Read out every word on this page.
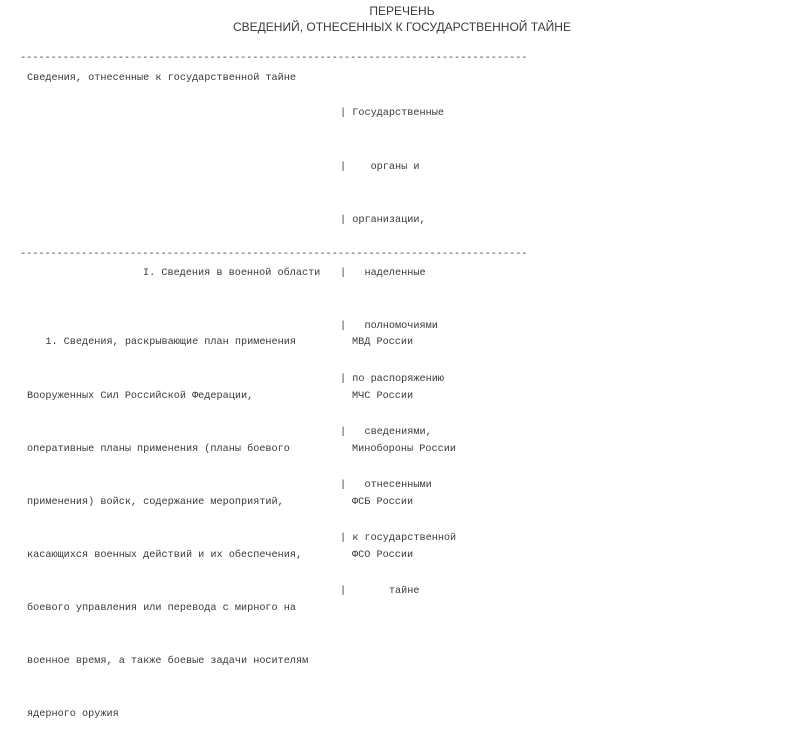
ПЕРЕЧЕНЬ
СВЕДЕНИЙ, ОТНЕСЕННЫХ К ГОСУДАРСТВЕННОЙ ТАЙНЕ
-----------------------------------------------------------------------------------
Сведения, отнесенные к государственной тайне

| Государственные

|    органы и

| организации,

|   наделенные

|   полномочиями

| по распоряжению

|   сведениями,

|   отнесенными

| к государственной

|       тайне

-----------------------------------------------------------------------------------
I. Сведения в военной области

1. Сведения, раскрывающие план применения

Вооруженных Сил Российской Федерации,

оперативные планы применения (планы боевого

применения) войск, содержание мероприятий,

касающихся военных действий и их обеспечения,

боевого управления или перевода с мирного на

военное время, а также боевые задачи носителям

ядерного оружия

МВД России

МЧС России

Минобороны России

ФСБ России

ФСО России
